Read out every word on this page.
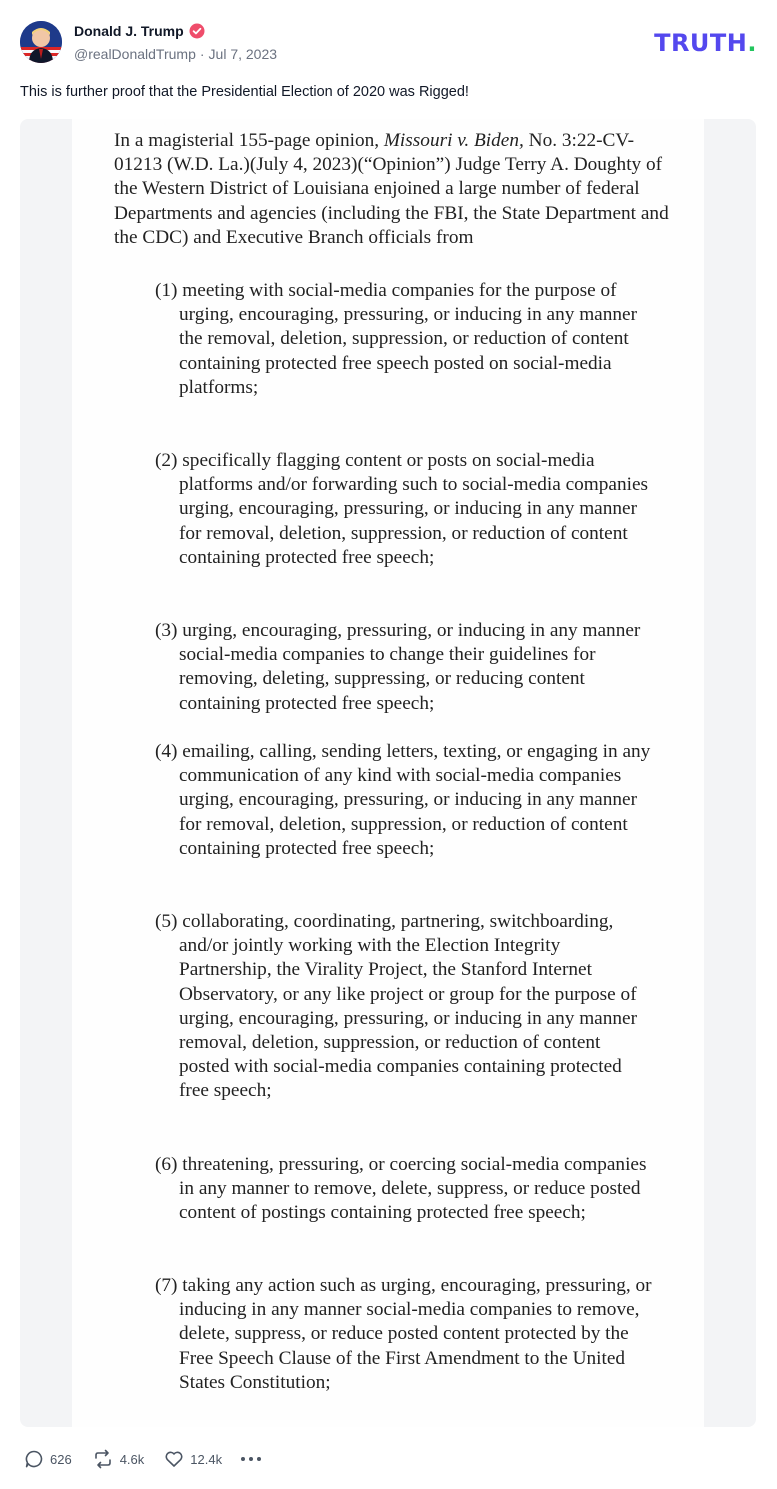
Donald J. Trump
@realDonaldTrump · Jul 7, 2023	TRUTH.
This is further proof that the Presidential Election of 2020 was Rigged!
In a magisterial 155-page opinion, Missouri v. Biden, No. 3:22-CV-01213 (W.D. La.)(July 4, 2023)(“Opinion”) Judge Terry A. Doughty of the Western District of Louisiana enjoined a large number of federal Departments and agencies (including the FBI, the State Department and the CDC) and Executive Branch officials from
(1) meeting with social-media companies for the purpose of urging, encouraging, pressuring, or inducing in any manner the removal, deletion, suppression, or reduction of content containing protected free speech posted on social-media platforms;
(2) specifically flagging content or posts on social-media platforms and/or forwarding such to social-media companies urging, encouraging, pressuring, or inducing in any manner for removal, deletion, suppression, or reduction of content containing protected free speech;
(3) urging, encouraging, pressuring, or inducing in any manner social-media companies to change their guidelines for removing, deleting, suppressing, or reducing content containing protected free speech;
(4) emailing, calling, sending letters, texting, or engaging in any communication of any kind with social-media companies urging, encouraging, pressuring, or inducing in any manner for removal, deletion, suppression, or reduction of content containing protected free speech;
(5) collaborating, coordinating, partnering, switchboarding, and/or jointly working with the Election Integrity Partnership, the Virality Project, the Stanford Internet Observatory, or any like project or group for the purpose of urging, encouraging, pressuring, or inducing in any manner removal, deletion, suppression, or reduction of content posted with social-media companies containing protected free speech;
(6) threatening, pressuring, or coercing social-media companies in any manner to remove, delete, suppress, or reduce posted content of postings containing protected free speech;
(7) taking any action such as urging, encouraging, pressuring, or inducing in any manner social-media companies to remove, delete, suppress, or reduce posted content protected by the Free Speech Clause of the First Amendment to the United States Constitution;
626	4.6k	12.4k
